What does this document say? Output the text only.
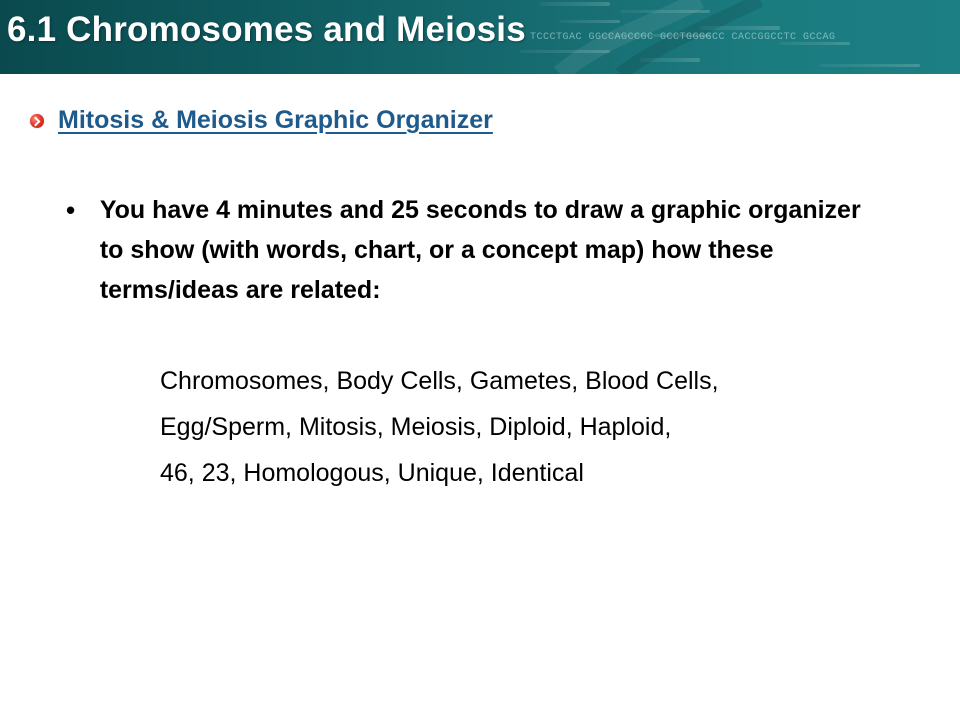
TCCCTGAC GGCCAGCCGC GCCTGGGGCC CACCGGCCTC GCCAG

6.1 Chromosomes and Meiosis
Mitosis & Meiosis Graphic Organizer
• You have 4 minutes and 25 seconds to draw a graphic organizer to show (with words, chart, or a concept map) how these terms/ideas are related:
Chromosomes, Body Cells, Gametes, Blood Cells,
Egg/Sperm, Mitosis, Meiosis, Diploid, Haploid,
46, 23, Homologous, Unique, Identical
